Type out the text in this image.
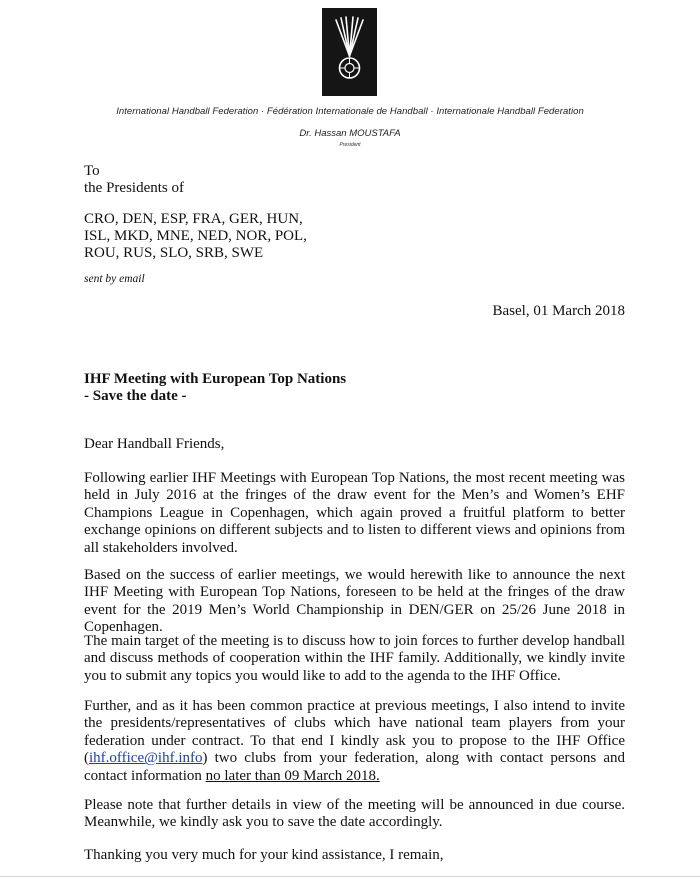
International Handball Federation · Fédération Internationale de Handball · Internationale Handball Federation
Dr. Hassan MOUSTAFA
President
To
the Presidents of
CRO, DEN, ESP, FRA, GER, HUN,
ISL, MKD, MNE, NED, NOR, POL,
ROU, RUS, SLO, SRB, SWE
sent by email
Basel, 01 March 2018
IHF Meeting with European Top Nations
- Save the date -
Dear Handball Friends,
Following earlier IHF Meetings with European Top Nations, the most recent meeting was held in July 2016 at the fringes of the draw event for the Men’s and Women’s EHF Champions League in Copenhagen, which again proved a fruitful platform to better exchange opinions on different subjects and to listen to different views and opinions from all stakeholders involved.
Based on the success of earlier meetings, we would herewith like to announce the next IHF Meeting with European Top Nations, foreseen to be held at the fringes of the draw event for the 2019 Men’s World Championship in DEN/GER on 25/26 June 2018 in Copenhagen.
The main target of the meeting is to discuss how to join forces to further develop handball and discuss methods of cooperation within the IHF family. Additionally, we kindly invite you to submit any topics you would like to add to the agenda to the IHF Office.
Further, and as it has been common practice at previous meetings, I also intend to invite the presidents/representatives of clubs which have national team players from your federation under contract. To that end I kindly ask you to propose to the IHF Office (ihf.office@ihf.info) two clubs from your federation, along with contact persons and contact information no later than 09 March 2018.
Please note that further details in view of the meeting will be announced in due course. Meanwhile, we kindly ask you to save the date accordingly.
Thanking you very much for your kind assistance, I remain,
